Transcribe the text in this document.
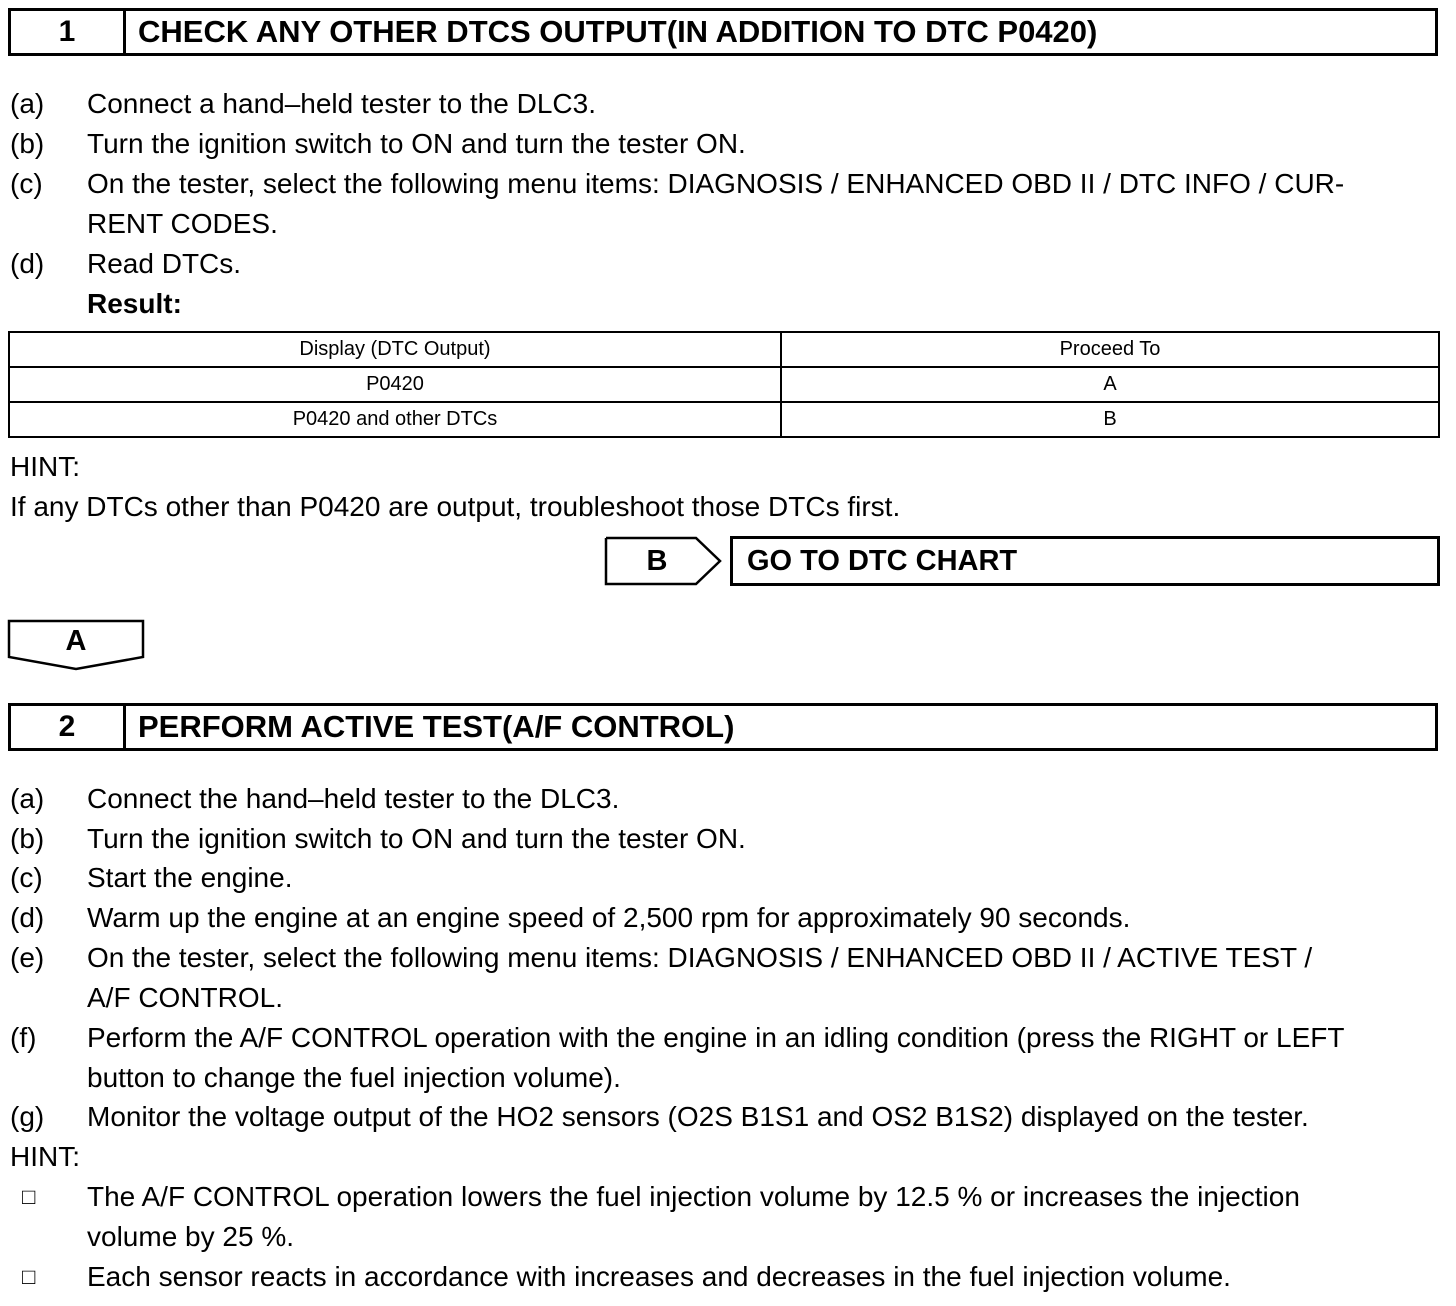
1	CHECK ANY OTHER DTCS OUTPUT(IN ADDITION TO DTC P0420)
(a) Connect a hand–held tester to the DLC3.
(b) Turn the ignition switch to ON and turn the tester ON.
(c) On the tester, select the following menu items: DIAGNOSIS / ENHANCED OBD II / DTC INFO / CUR-
RENT CODES.
(d) Read DTCs.
Result:
Display (DTC Output)	Proceed To
P0420	A
P0420 and other DTCs	B
HINT:
If any DTCs other than P0420 are output, troubleshoot those DTCs first.
B	GO TO DTC CHART
A
2	PERFORM ACTIVE TEST(A/F CONTROL)
(a) Connect the hand–held tester to the DLC3.
(b) Turn the ignition switch to ON and turn the tester ON.
(c) Start the engine.
(d) Warm up the engine at an engine speed of 2,500 rpm for approximately 90 seconds.
(e) On the tester, select the following menu items: DIAGNOSIS / ENHANCED OBD II / ACTIVE TEST /
A/F CONTROL.
(f) Perform the A/F CONTROL operation with the engine in an idling condition (press the RIGHT or LEFT
button to change the fuel injection volume).
(g) Monitor the voltage output of the HO2 sensors (O2S B1S1 and OS2 B1S2) displayed on the tester.
HINT:
□ The A/F CONTROL operation lowers the fuel injection volume by 12.5 % or increases the injection
volume by 25 %.
□ Each sensor reacts in accordance with increases and decreases in the fuel injection volume.
